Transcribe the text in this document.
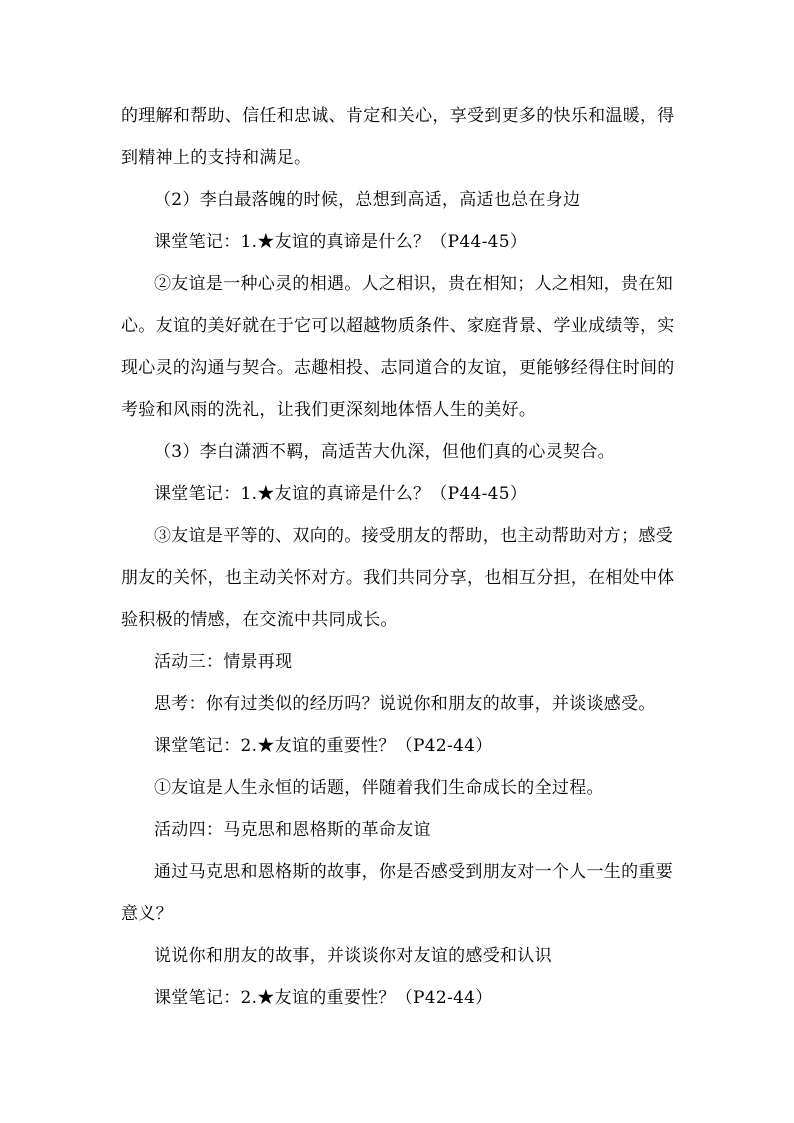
的理解和帮助、信任和忠诚、肯定和关心，享受到更多的快乐和温暖，得到精神上的支持和满足。

（2）李白最落魄的时候，总想到高适，高适也总在身边

课堂笔记：1.★友谊的真谛是什么？（P44-45）

②友谊是一种心灵的相遇。人之相识，贵在相知；人之相知，贵在知心。友谊的美好就在于它可以超越物质条件、家庭背景、学业成绩等，实现心灵的沟通与契合。志趣相投、志同道合的友谊，更能够经得住时间的考验和风雨的洗礼，让我们更深刻地体悟人生的美好。

（3）李白潇洒不羁，高适苦大仇深，但他们真的心灵契合。

课堂笔记：1.★友谊的真谛是什么？（P44-45）

③友谊是平等的、双向的。接受朋友的帮助，也主动帮助对方；感受朋友的关怀，也主动关怀对方。我们共同分享，也相互分担，在相处中体验积极的情感，在交流中共同成长。

活动三：情景再现

思考：你有过类似的经历吗？说说你和朋友的故事，并谈谈感受。

课堂笔记：2.★友谊的重要性？（P42-44）

①友谊是人生永恒的话题，伴随着我们生命成长的全过程。

活动四：马克思和恩格斯的革命友谊

通过马克思和恩格斯的故事，你是否感受到朋友对一个人一生的重要意义？

说说你和朋友的故事，并谈谈你对友谊的感受和认识

课堂笔记：2.★友谊的重要性？（P42-44）
